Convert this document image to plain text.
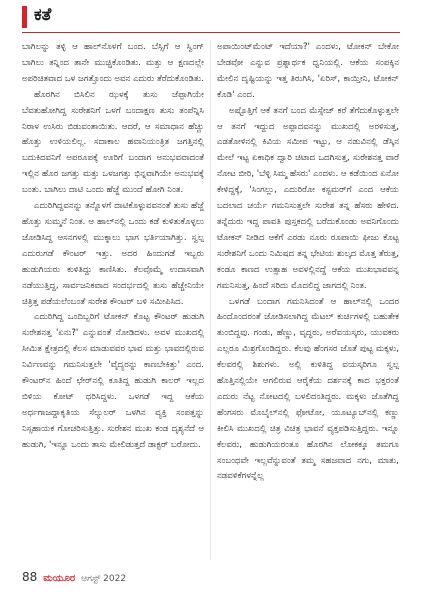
ಕತೆ

ಬಾಗಿಲನ್ನು ತಳ್ಳಿ ಆ ಹಾಲ್‌ನೊಳಗೆ ಬಂದ. ಬೆಸ್ಸಿಗೆ ಆ ಸ್ವಿಂಗ್ ಬಾಗಿಲು ತನ್ನಿಂದ ತಾನೇ ಮುಚ್ಚಿಕೊಂಡಿತು. ಮತ್ತು ಆ ಕ್ಷಣದಲ್ಲೇ ಅಪರಿಚಿತವಾದ ಒಳ ಜಗತ್ತೊಂದು ಅವನ ಎದುರು ತೆರೆದುಕೊಂಡಿತು.

ಹೊರಗಿನ ಬಿಸಿಲಿನ ಝಳಕ್ಕೆ ತುಸು ಜೆಪ್ಪಾಗಿಯೇ ಬೆವತುಹೋಗಿದ್ದ ಸುರೇಶನಿಗೆ ಒಳಗೆ ಬಂದಾಕ್ಷಣ ತುಸು ತಂಪೆನ್ನಿಸಿ ನಿರಾಳ ಉಸಿರು ಬಿಡುವಂತಾಯಿತು. ಆದರೆ, ಆ ಸಮಾಧಾನ ಹೆಚ್ಚು ಹೊತ್ತು ಉಳಿಯಲಿಲ್ಲ. ಸದಾಕಾಲ ಹವಾನಿಯಂತ್ರಿತ ಜಗತ್ತಿನಲ್ಲಿ ಬದುಕಿದವನಿಗೆ ಅಪರೂಪಕ್ಕೆ ಊರಿಗೆ ಬಂದಾಗ ಅನುಭವವಾದಂತೆ ಇಲ್ಲಿನ ಹೊರ ಜಗತ್ತು ಮತ್ತು ಒಳಜಗತ್ತು ಭಿನ್ನವಾಗಿಯೇ ಅನುಭವಕ್ಕೆ ಬಂತು. ಬಾಗಿಲು ದಾಟಿ ಒಂದು ಹೆಜ್ಜೆ ಮುಂದೆ ಹೋಗಿ ನಿಂತ.

ಎದುರಿಗಿದ್ದವನನ್ನು ತನ್ನೊಳಗೆ ದಾಟಿಕೊಳ್ಳುವವನಂತೆ ತುಸು ಹೆಜ್ಜೆ ಹೊತ್ತು ಸುಮ್ಮನೆ ನಿಂತ. ಆ ಹಾಲ್‌ನಲ್ಲಿ ಒಂದು ಕಡೆ ಕುಳಿತುಕೊಳ್ಳಲು ಜೋಡಿಸಿದ್ದ ಆಸನಗಳಲ್ಲಿ ಮುಕ್ಕಾಲು ಭಾಗ ಭರ್ತಿಯಾಗಿತ್ತು. ಸ್ವಲ್ಪ ಎದುರುಗಡೆ ಕೌಂಟರ್ ಇತ್ತು. ಅದರ ಹಿಂದುಗಡೆ ಇಬ್ಬರು ಹುಡುಗಿಯರು ಕುಳಿತಿದ್ದು ಕಾಣಿಸಿತು. ಕೆಲವೊಮ್ಮೆ ಉದಾಸವಾಗಿ ನಡೆಯುತ್ತಿದ್ದ, ಸಾರ್ವಜನಿಕವಾದ ಸಂದರ್ಭದಲ್ಲಿ ತುಸು ಹೆಚ್ಚೇನಿಯೇ ಚಿತ್ರಿತ್ತ ಪಡೆಯಲೆಂಬಂತೆ ಸುರೇಶ ಕೌಂಟರ್ ಬಳಿ ಸಮೀಪಿಸಿದ.

ಎದುರಿಗಿದ್ದ ಒಂದಿಬ್ಬರಿಗೆ ಟೋಕನ್ ಕೊಟ್ಟ ಕೌಂಟರ್ ಹುಡುಗಿ ಸುರೇಶನತ್ತ 'ಏನು?' ಎನ್ನುವಂತೆ ನೋಡಿದಳು. ಅವಳ ಮುಖದಲ್ಲಿ ಸೀಮಿತ ಕ್ಷೇತ್ರದಲ್ಲಿ ಕೆಲಸ ಮಾಡುವವರ ಭಾವ ಮತ್ತು ಭಾವದಲ್ಲಿರುವ ನಿರ್ವಿಣವನ್ನು ಗಮನಿಸುತ್ತಲೇ 'ವೈದ್ಯರನ್ನು ಕಾಣಬೇಕಿತ್ತು' ಎಂದ. ಕೌಂಟರ್‌ನ ಹಿಂದೆ ಛೇರ್‌ನಲ್ಲಿ ಕೂತಿದ್ದ ಹುಡುಗಿ ಕಾಲರ್ ಇಲ್ಲದ ಬಿಳಿಯ ಕೋಟ್ ಧರಿಸಿದ್ದಳು. ಒಳಗಡೆ ಇದ್ದ ಆಕೆಯ ಅರ್ಧಗಾಜದ್ದಾಕೃತಿಯ ಸೆಲ್ಯುಲರ್ ಒಳಗಿನ ವ್ಯಕ್ತಿ ಸಂಪತ್ತನ್ನು ನಿಸ್ಸಹಾಯಕ ಗೋಚರಿಸುತ್ತಿತ್ತು. ಸುರೇಶನ ಮುಖ ಕಂಡ ದೃಶ್ಯನೆದೆ ಆ ಹುಡುಗಿ, 'ಇನ್ನೂ ಒಂದು ತಾಸು ಮೇಲಿಡುತ್ತದೆ ಡಾಕ್ಟರ್ ಬರೋದು.

ಅಪಾಯಿಂಟ್‌ಮೆಂಟ್ ಇದೆಯಾ?' ಎಂದಳು, ಟೋಕನ್ ಬೇಕೋ ಬೇಡವೋ ಎನ್ನುವ ಪ್ರಶ್ನಾರ್ಥಕ ಧ್ವನಿಯಲ್ಲಿ. ಆಕೆಯ ಸಂಪಕ್ಕಿನ ಮೇಲಿನ ದೃಷ್ಟಿಯನ್ನು ಇತ್ತ ತಿರುಗಿಸಿ, 'ಏರಿಸ್, ಕಾಯ್ತೀನಿ, ಟೋಕನ್ ಕೊಡಿ' ಎಂದ.

ಅಷ್ಟೊತ್ತಿಗೆ ಆಕೆ ತನಗೆ ಬಂದ ಮೆಸ್ಸೇಜ್ ಕರೆ ತೆಗೆದುಕೊಳ್ಳುತ್ತಲೇ ಆ ತನಗೆ ಇದ್ದುದ ಅಪ್ಪಾದವನನ್ನು ಮುಖದಲ್ಲಿ ಅರಳಿಸುತ್ತ, ಎಡತೋಳಿನಲ್ಲಿ ಕಿವಿಯ ಸಮೀಪ ಇಟ್ಟು, ಆ ನಡುವಿನಲ್ಲಿ ಡೆಸ್ಕಿನ ಮೇಲೆ ಇಟ್ಟ ಏಕಾಧಿಕ ದ್ವಾರಿ ಚಿಟಾದ ಒದಗಿಸುತ್ತ, ಸುರೇಶನತ್ತ ವಾರೆ ನೋಟ ಬೀರಿ, 'ಬೆಳ್ಳಿ ಸಿಮ್ಮ ಹೆಸರು' ಎಂದಳು. ಆ ಕಡೆಯಿಂದ ಏನೋ ಕೇಳಿದ್ದಕ್ಕೆ, 'ಸಿಂಗಲ್ಲು, ಎದುರಿರೋ ಕಸ್ಟಮರ್‌ಗೆ ಎಂದ ಆಕೆಯ ಬದಲಾದ ಚರ್ಯೆ ಗಮನಿಸುತ್ತಲೇ ಸುರೇಶ ತನ್ನ ಹೆಸರು ಹೇಳಿದ. ತನ್ನೆದುರು ಇದ್ದ ಪಾವತಿ ಪುಸ್ತಕದಲ್ಲಿ ಬರೆದುಕೊಂಡು ಅವನಿಗೊಂದು ಟೋಕನ್ ನೀಡಿದ ಆಕೆಗೆ ಎರಡು ನೂರು ರೂಪಾಯಿ ಫೀಜು ಕೊಟ್ಟ ಸುರೇಶನಿಗೆ ಒಂದು ನಿಮಿಷದ ತನ್ನ ಭೇಟಿಯ ಶುಲ್ಕದ ಮೊತ್ತ ತೆರುತ್ತ, ಕಂಡೂ ಕಾಣದ ಉತ್ಸಾಹ ಅವಳಲ್ಲಿನದ್ದೆ ಆಕೆಯ ಮುಖಭಾವವನ್ನ ಗಮನಿಸುತ್ತ, ಹಿಂದೆ ಸರಿದು ಮೊದಲಿದ್ದ ಜಾಗದಲ್ಲಿ ನಿಂತ.

ಒಳಗಡೆ ಬಂದಾಗ ಗಮನಿಸಿದಂತೆ ಆ ಹಾಲ್‌ನಲ್ಲಿ ಒಂದರ ಹಿಂದೊಂದರಂತೆ ಜೋಡಿಸಲಾಗಿದ್ದ ಮೆಟಲ್ ಕುರ್ಚಿಗಳಲ್ಲಿ ಬಹುತೇಕ ತುಂಬಿದ್ದವು. ಗಂಡು, ಹೆಣ್ಣು, ವೃದ್ಧರು, ಅರೆವಯಸ್ಕರು, ಯುವಕರು ಎಲ್ಲರೂ ಮಿಶ್ರಗೊಂಡಿದ್ದರು. ಕೆಲವು ಹೆಂಗಸರ ಜೊತೆ ಪುಟ್ಟ ಮಕ್ಕಳು, ಕೆಲವರಲ್ಲಿ ಶಿಶುಗಳು. ಅಲ್ಲಿ ಕುಳಿತಿದ್ದ ವಯಸ್ಕರಿಗೂ ಸ್ವಲ್ಪ ಹೊತ್ತಿನಲ್ಲಿಯೇ ಆಗಲಿರುವ ಆರೈಕೆಯ ದರ್ಶನಕ್ಕೆ ಕಾದ ಭಕ್ತರಂತೆ ಎದುರು ನೆಟ್ಟ ನೋಟದಲ್ಲಿ ಬಳಲಿದಂತಿದ್ದರು. ಮಕ್ಕಳು ಜೊತೆಗಿದ್ದ ಹೆಂಗಸರು ಮೊಬೈಲ್‌ನಲ್ಲಿ ಫೋಟೋ, ಯೂಟ್ಯೂಬ್‌ನಲ್ಲಿ ಕಣ್ಣು ಕೀಲಿಸಿ ಮುಖದಲ್ಲಿ ಚಿತ್ರ ವಿಚಿತ್ರ ಭಾವನೆ ವ್ಯಕ್ತಪಡಿಸುತ್ತಿದ್ದರು. ಇನ್ನೂ ಕೆಲವರು, ಹುಡುಗಿಯರಂತೂ ಹೊರಗಿನ ಲೋಕಕ್ಕೂ ತಮಗೂ ಸಂಬಂಧವೇ ಇಲ್ಲವೆನ್ನುವಂತೆ ತಮ್ಮ ಸಹಜವಾದ ನಗು, ಮಾತು, ನಡವಳಿಕೆಗಳನ್ನೆಲ್ಲ

88 ಮಯೂರ ಆಗಸ್ಟ್ 2022
